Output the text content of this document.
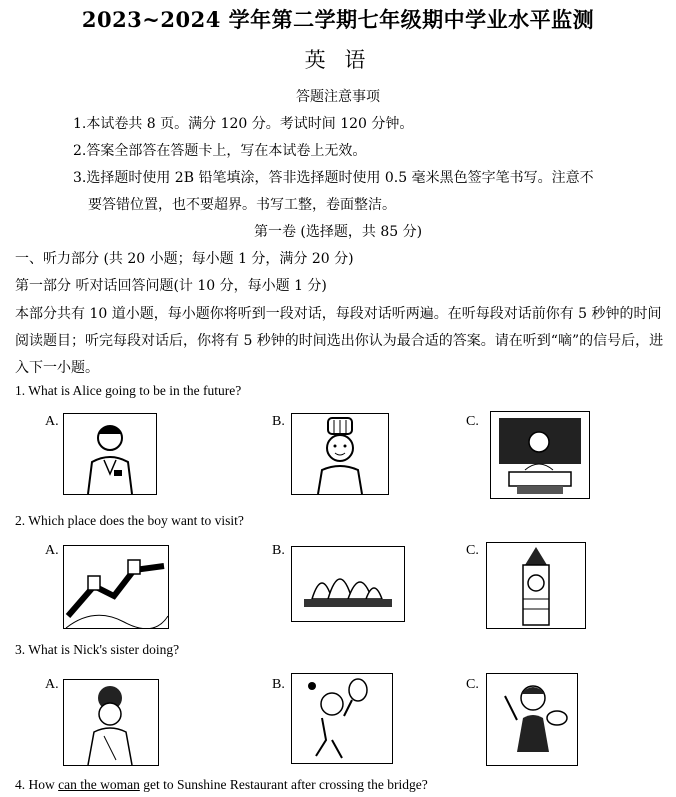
2023~2024 学年第二学期七年级期中学业水平监测
英 语
答题注意事项
1.本试卷共 8 页。满分 120 分。考试时间 120 分钟。
2.答案全部答在答题卡上，写在本试卷上无效。
3.选择题时使用 2B 铅笔填涂，答非选择题时使用 0.5 毫米黑色签字笔书写。注意不
要答错位置，也不要超界。书写工整，卷面整洁。
第一卷 (选择题，共 85 分)
一、听力部分 (共 20 小题；每小题 1 分，满分 20 分)
第一部分 听对话回答问题(计 10 分，每小题 1 分)
本部分共有 10 道小题，每小题你将听到一段对话，每段对话听两遍。在听每段对话前你有 5 秒钟的时间
阅读题目；听完每段对话后，你将有 5 秒钟的时间选出你认为最合适的答案。请在听到“嘀”的信号后，进
入下一小题。
1. What is Alice going to be in the future?
A.	B.	C.
2. Which place does the boy want to visit?
A.	B.	C.
3. What is Nick's sister doing?
A.	B.	C.
4. How can the woman get to Sunshine Restaurant after crossing the bridge?
